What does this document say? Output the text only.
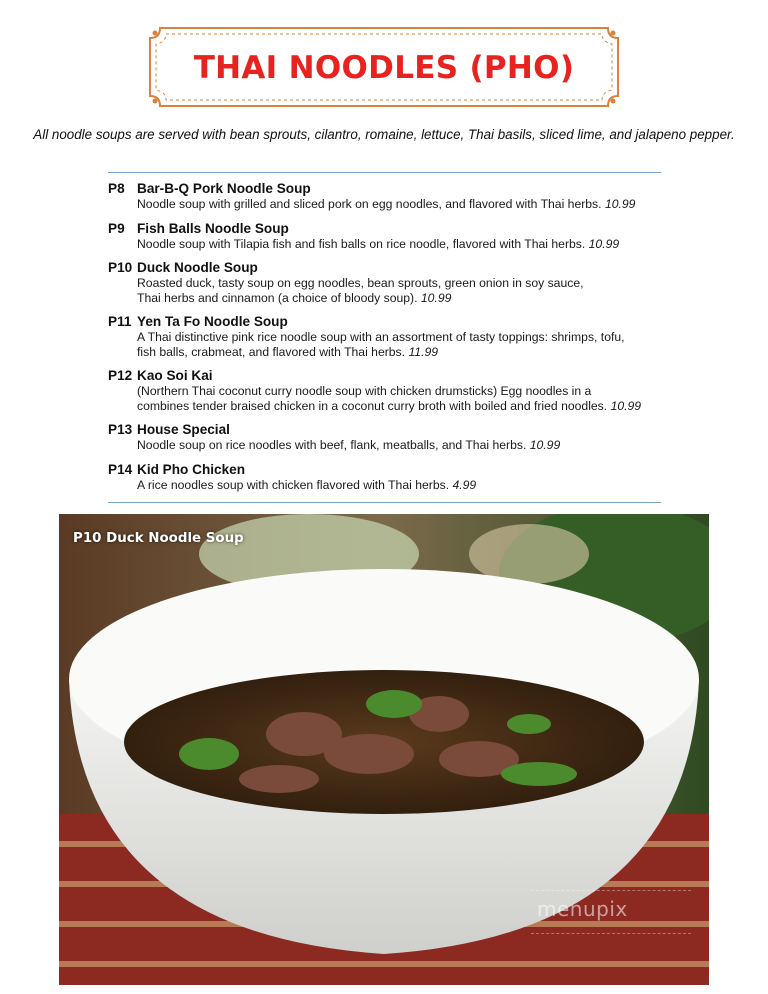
THAI NOODLES (PHO)
All noodle soups are served with bean sprouts, cilantro, romaine, lettuce, Thai basils, sliced lime, and jalapeno pepper.
P8 Bar-B-Q Pork Noodle Soup
Noodle soup with grilled and sliced pork on egg noodles, and flavored with Thai herbs. 10.99
P9 Fish Balls Noodle Soup
Noodle soup with Tilapia fish and fish balls on rice noodle, flavored with Thai herbs. 10.99
P10 Duck Noodle Soup
Roasted duck, tasty soup on egg noodles, bean sprouts, green onion in soy sauce,
Thai herbs and cinnamon (a choice of bloody soup). 10.99
P11 Yen Ta Fo Noodle Soup
A Thai distinctive pink rice noodle soup with an assortment of tasty toppings: shrimps, tofu,
fish balls, crabmeat, and flavored with Thai herbs. 11.99
P12 Kao Soi Kai
(Northern Thai coconut curry noodle soup with chicken drumsticks) Egg noodles in a
combines tender braised chicken in a coconut curry broth with boiled and fried noodles. 10.99
P13 House Special
Noodle soup on rice noodles with beef, flank, meatballs, and Thai herbs. 10.99
P14 Kid Pho Chicken
A rice noodles soup with chicken flavored with Thai herbs. 4.99
P10 Duck Noodle Soup
menupix
